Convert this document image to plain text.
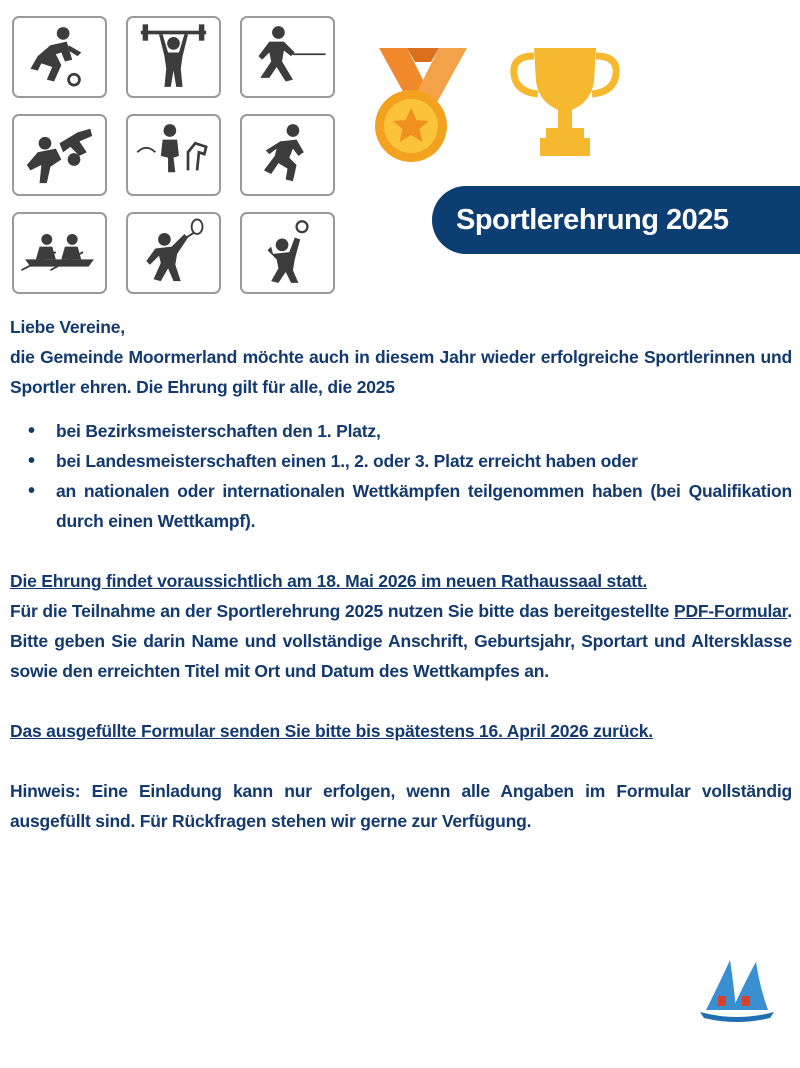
Sportlerehrung 2025

Liebe Vereine,

die Gemeinde Moormerland möchte auch in diesem Jahr wieder erfolgreiche Sportlerinnen und Sportler ehren. Die Ehrung gilt für alle, die 2025

• bei Bezirksmeisterschaften den 1. Platz,
• bei Landesmeisterschaften einen 1., 2. oder 3. Platz erreicht haben oder
• an nationalen oder internationalen Wettkämpfen teilgenommen haben (bei Qualifikation durch einen Wettkampf).

Die Ehrung findet voraussichtlich am 18. Mai 2026 im neuen Rathaussaal statt.

Für die Teilnahme an der Sportlerehrung 2025 nutzen Sie bitte das bereitgestellte PDF-Formular. Bitte geben Sie darin Name und vollständige Anschrift, Geburtsjahr, Sportart und Altersklasse sowie den erreichten Titel mit Ort und Datum des Wettkampfes an.

Das ausgefüllte Formular senden Sie bitte bis spätestens 16. April 2026 zurück.

Hinweis: Eine Einladung kann nur erfolgen, wenn alle Angaben im Formular vollständig ausgefüllt sind. Für Rückfragen stehen wir gerne zur Verfügung.
